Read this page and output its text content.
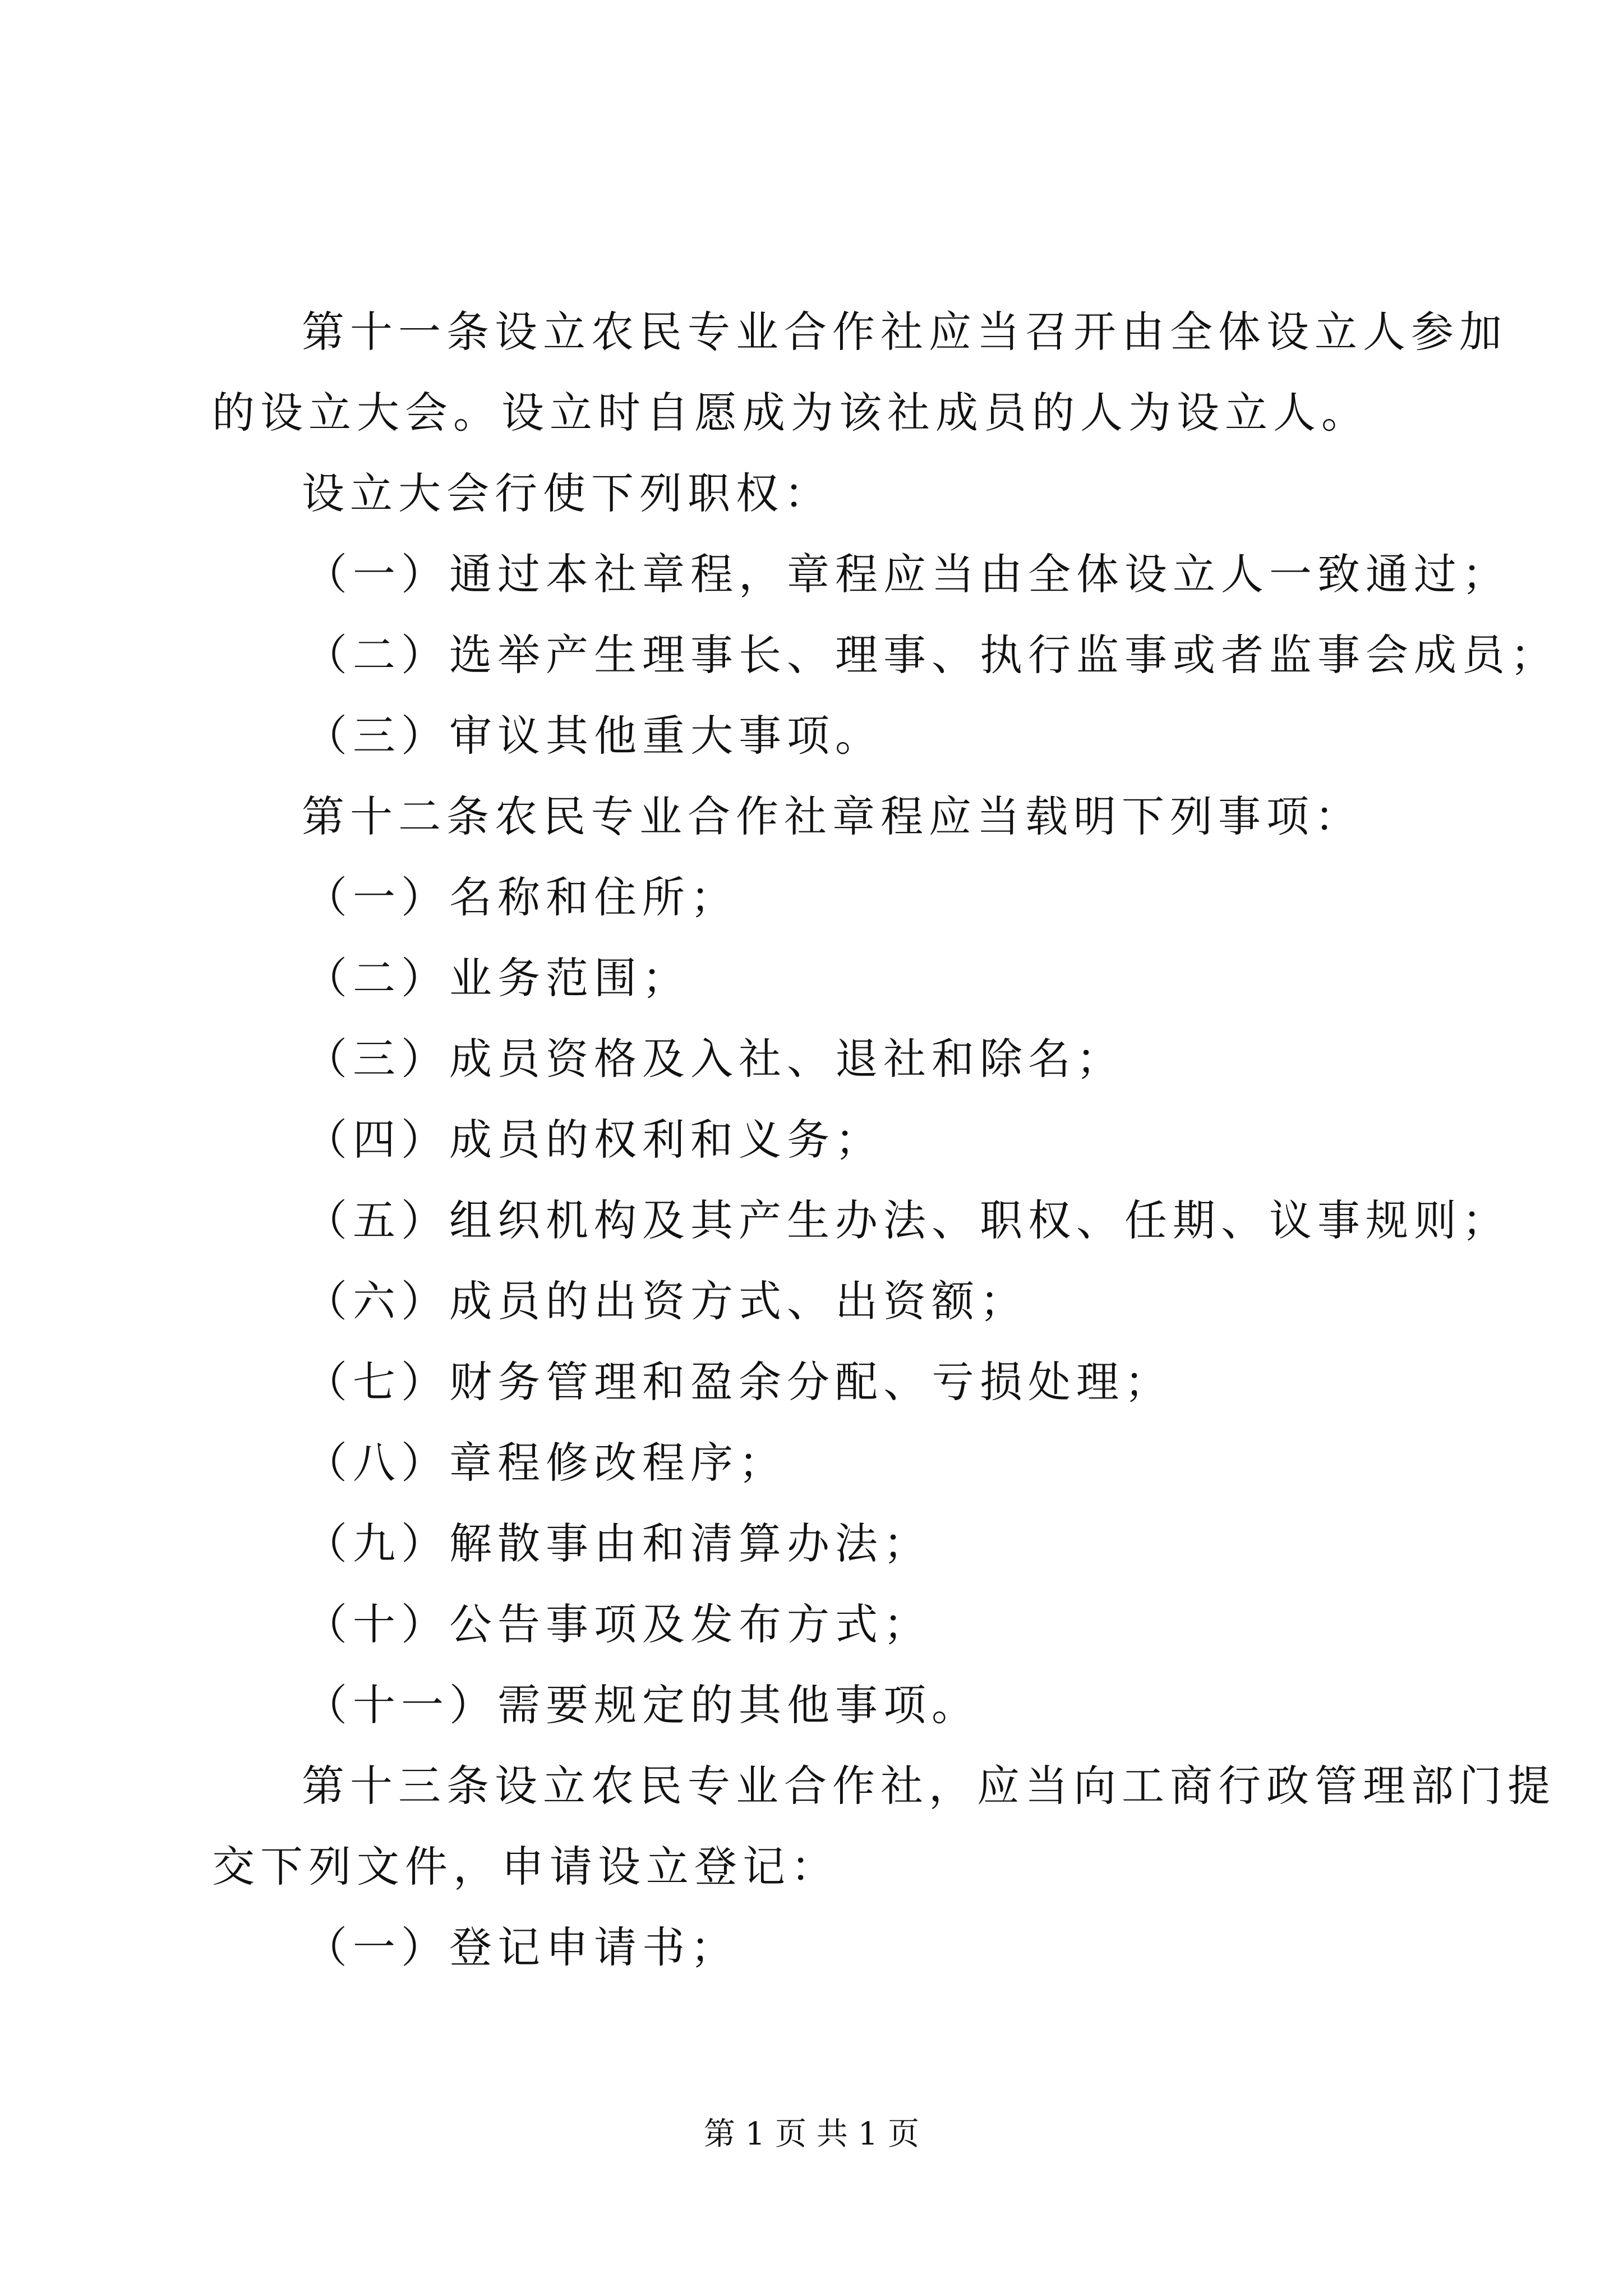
第十一条设立农民专业合作社应当召开由全体设立人参加
的设立大会。设立时自愿成为该社成员的人为设立人。
设立大会行使下列职权：
（一）通过本社章程，章程应当由全体设立人一致通过；
（二）选举产生理事长、理事、执行监事或者监事会成员；
（三）审议其他重大事项。
第十二条农民专业合作社章程应当载明下列事项：
（一）名称和住所；
（二）业务范围；
（三）成员资格及入社、退社和除名；
（四）成员的权利和义务；
（五）组织机构及其产生办法、职权、任期、议事规则；
（六）成员的出资方式、出资额；
（七）财务管理和盈余分配、亏损处理；
（八）章程修改程序；
（九）解散事由和清算办法；
（十）公告事项及发布方式；
（十一）需要规定的其他事项。
第十三条设立农民专业合作社，应当向工商行政管理部门提
交下列文件，申请设立登记：
（一）登记申请书；
第 1 页 共 1 页
